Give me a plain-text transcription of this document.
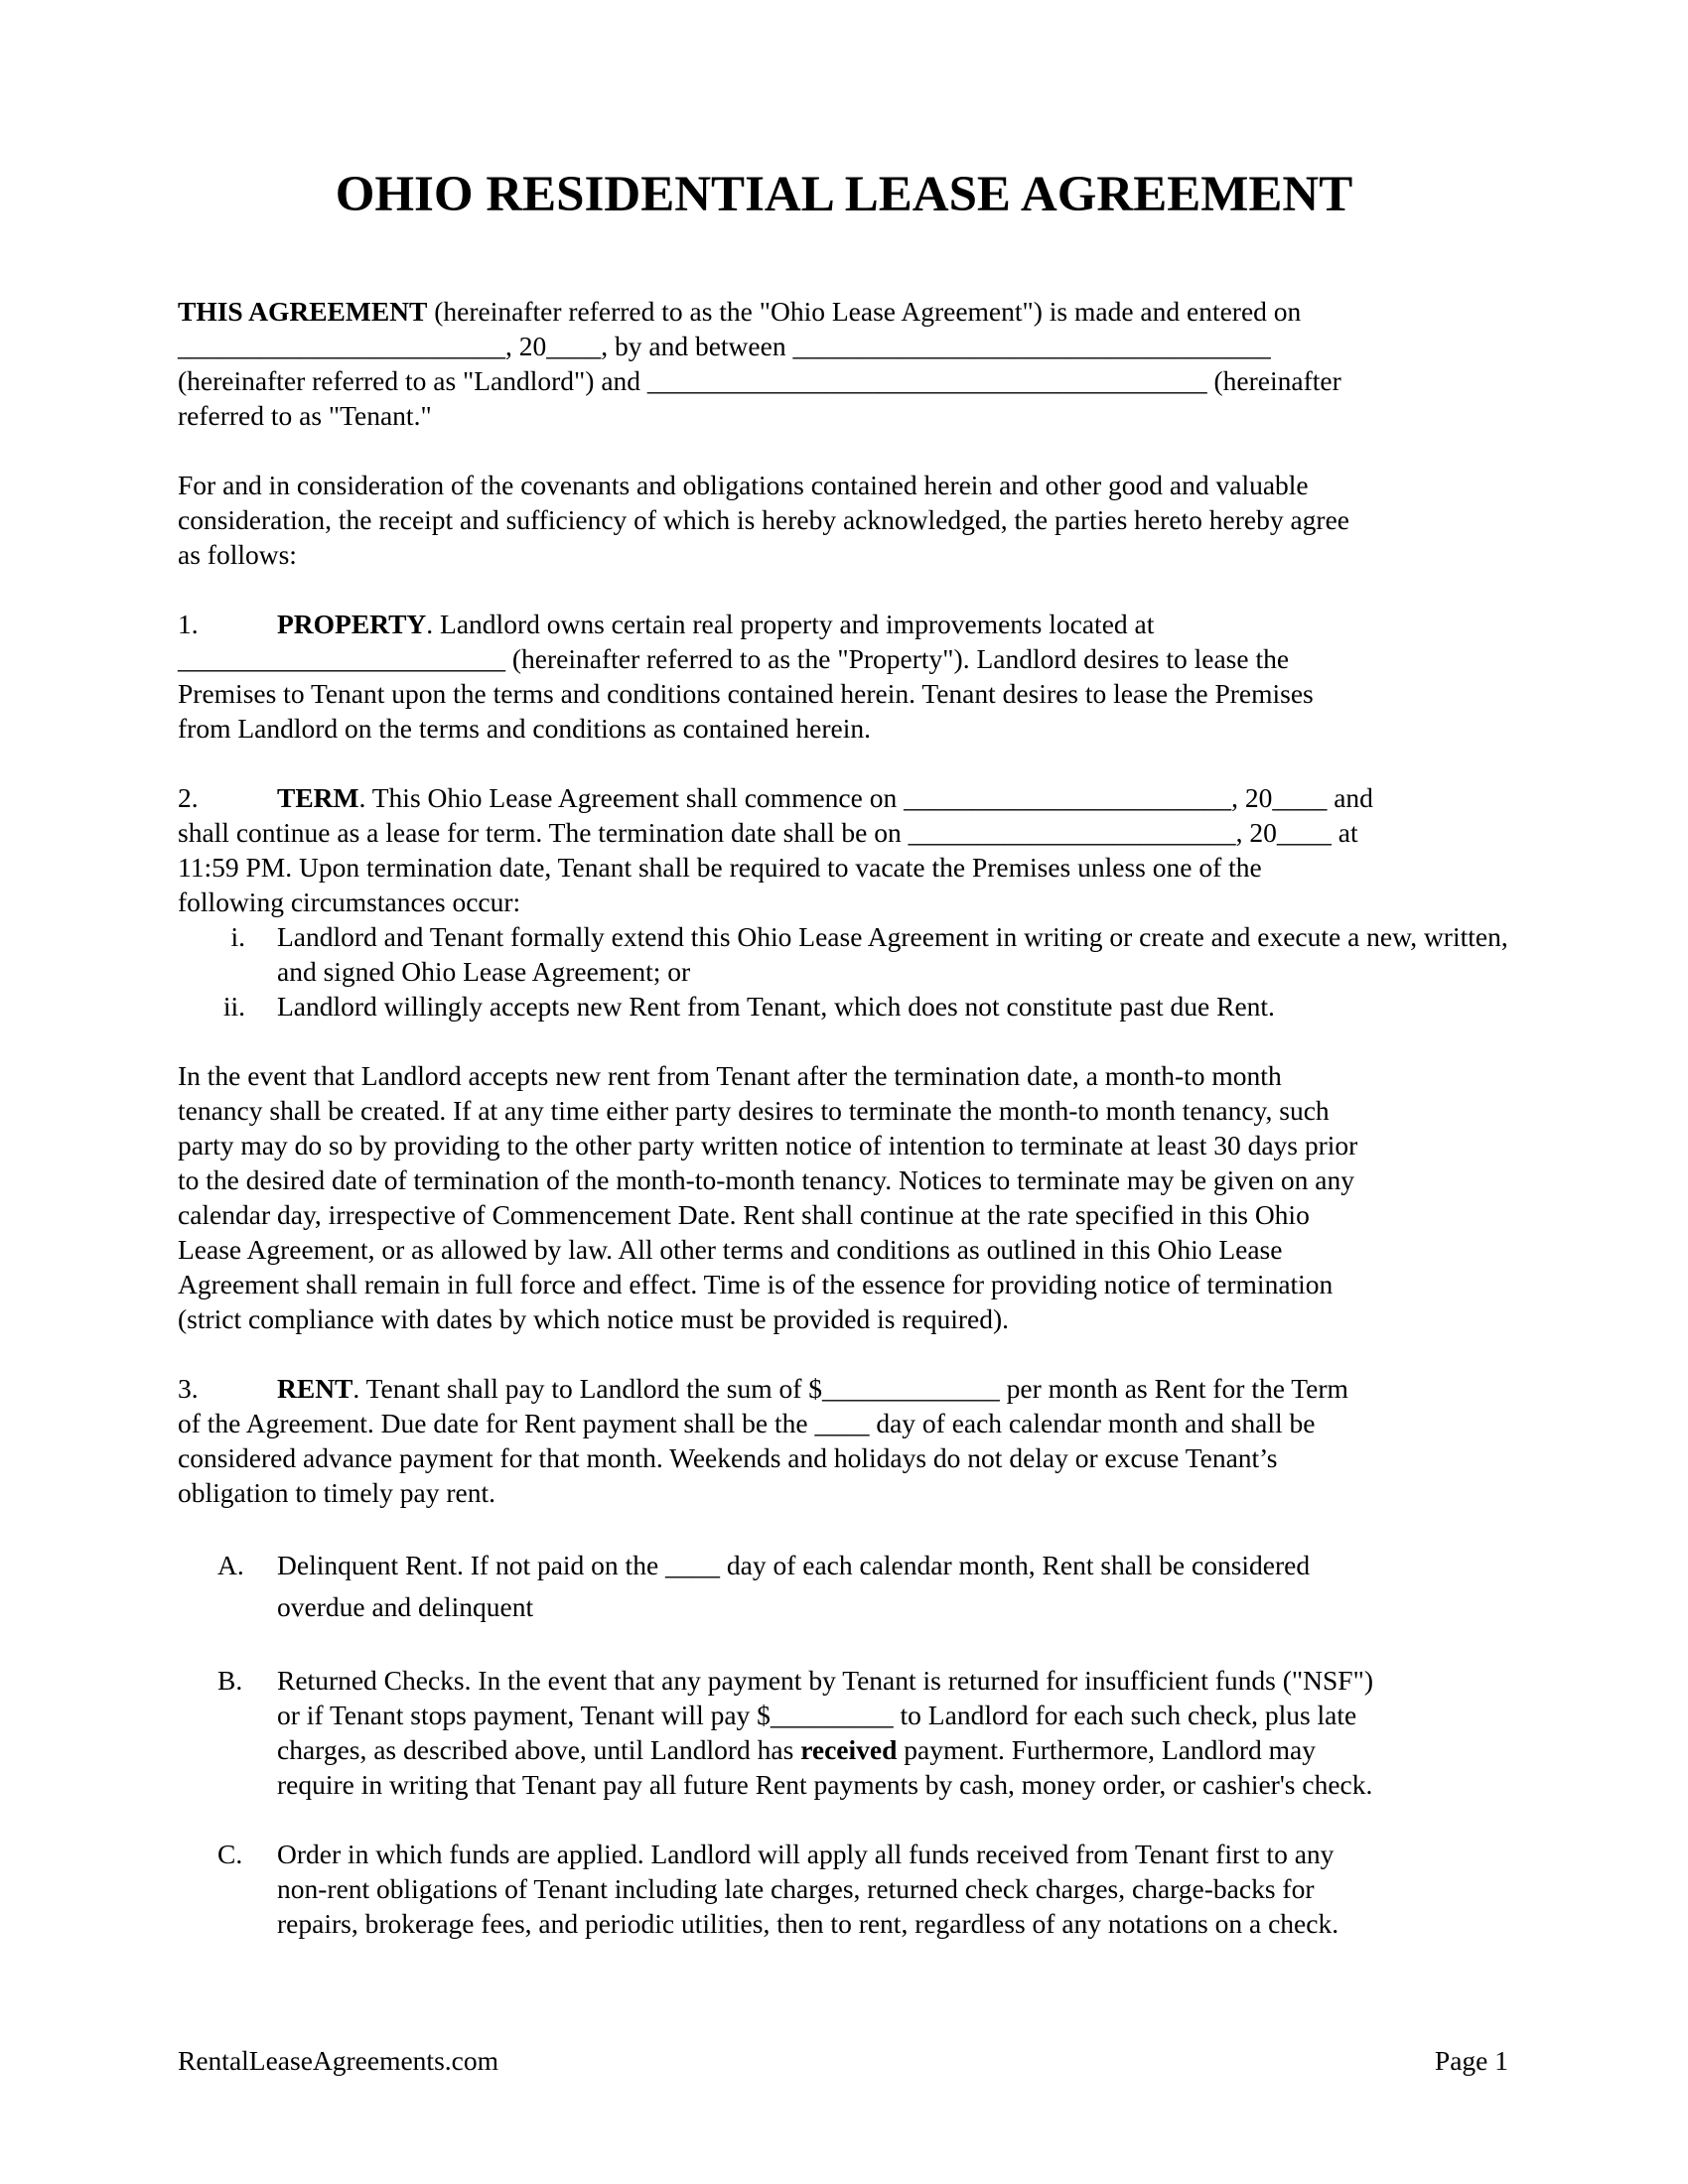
OHIO RESIDENTIAL LEASE AGREEMENT

THIS AGREEMENT (hereinafter referred to as the "Ohio Lease Agreement") is made and entered on

________________________, 20____, by and between ___________________________________

(hereinafter referred to as "Landlord") and _________________________________________ (hereinafter

referred to as "Tenant."

For and in consideration of the covenants and obligations contained herein and other good and valuable

consideration, the receipt and sufficiency of which is hereby acknowledged, the parties hereto hereby agree

as follows:

1.	PROPERTY. Landlord owns certain real property and improvements located at

________________________ (hereinafter referred to as the "Property"). Landlord desires to lease the

Premises to Tenant upon the terms and conditions contained herein. Tenant desires to lease the Premises

from Landlord on the terms and conditions as contained herein.

2.	TERM. This Ohio Lease Agreement shall commence on ________________________, 20____ and

shall continue as a lease for term. The termination date shall be on ________________________, 20____ at

11:59 PM. Upon termination date, Tenant shall be required to vacate the Premises unless one of the

following circumstances occur:

i. Landlord and Tenant formally extend this Ohio Lease Agreement in writing or create and execute a new, written, and signed Ohio Lease Agreement; or
ii. Landlord willingly accepts new Rent from Tenant, which does not constitute past due Rent.

In the event that Landlord accepts new rent from Tenant after the termination date, a month-to month

tenancy shall be created. If at any time either party desires to terminate the month-to month tenancy, such

party may do so by providing to the other party written notice of intention to terminate at least 30 days prior

to the desired date of termination of the month-to-month tenancy. Notices to terminate may be given on any

calendar day, irrespective of Commencement Date. Rent shall continue at the rate specified in this Ohio

Lease Agreement, or as allowed by law. All other terms and conditions as outlined in this Ohio Lease

Agreement shall remain in full force and effect. Time is of the essence for providing notice of termination

(strict compliance with dates by which notice must be provided is required).

3.	RENT. Tenant shall pay to Landlord the sum of $_____________ per month as Rent for the Term

of the Agreement. Due date for Rent payment shall be the ____ day of each calendar month and shall be

considered advance payment for that month. Weekends and holidays do not delay or excuse Tenant’s

obligation to timely pay rent.

A. Delinquent Rent. If not paid on the ____ day of each calendar month, Rent shall be considered

overdue and delinquent

B. Returned Checks. In the event that any payment by Tenant is returned for insufficient funds ("NSF")

or if Tenant stops payment, Tenant will pay $_________ to Landlord for each such check, plus late

charges, as described above, until Landlord has received payment. Furthermore, Landlord may

require in writing that Tenant pay all future Rent payments by cash, money order, or cashier's check.

C. Order in which funds are applied. Landlord will apply all funds received from Tenant first to any

non-rent obligations of Tenant including late charges, returned check charges, charge-backs for

repairs, brokerage fees, and periodic utilities, then to rent, regardless of any notations on a check.

RentalLeaseAgreements.com	Page 1
